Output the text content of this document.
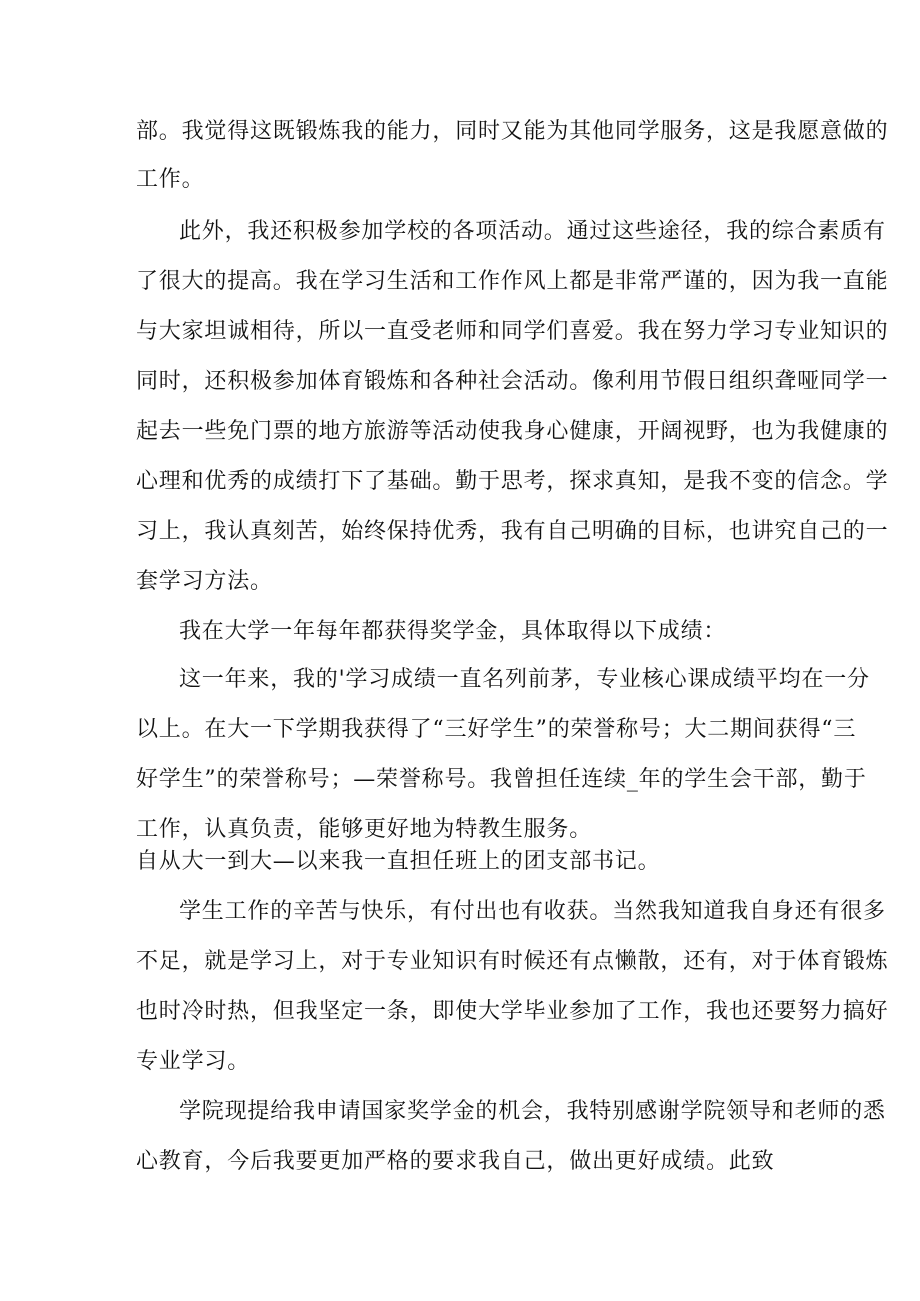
部。我觉得这既锻炼我的能力，同时又能为其他同学服务，这是我愿意做的
工作。
此外，我还积极参加学校的各项活动。通过这些途径，我的综合素质有
了很大的提高。我在学习生活和工作作风上都是非常严谨的，因为我一直能
与大家坦诚相待，所以一直受老师和同学们喜爱。我在努力学习专业知识的
同时，还积极参加体育锻炼和各种社会活动。像利用节假日组织聋哑同学一
起去一些免门票的地方旅游等活动使我身心健康，开阔视野，也为我健康的
心理和优秀的成绩打下了基础。勤于思考，探求真知，是我不变的信念。学
习上，我认真刻苦，始终保持优秀，我有自己明确的目标，也讲究自己的一
套学习方法。
我在大学一年每年都获得奖学金，具体取得以下成绩：
这一年来，我的'学习成绩一直名列前茅，专业核心课成绩平均在一分
以上。在大一下学期我获得了“三好学生”的荣誉称号；大二期间获得“三
好学生”的荣誉称号；—荣誉称号。我曾担任连续_年的学生会干部，勤于
工作，认真负责，能够更好地为特教生服务。
自从大一到大—以来我一直担任班上的团支部书记。
学生工作的辛苦与快乐，有付出也有收获。当然我知道我自身还有很多
不足，就是学习上，对于专业知识有时候还有点懒散，还有，对于体育锻炼
也时冷时热，但我坚定一条，即使大学毕业参加了工作，我也还要努力搞好
专业学习。
学院现提给我申请国家奖学金的机会，我特别感谢学院领导和老师的悉
心教育，今后我要更加严格的要求我自己，做出更好成绩。此致
